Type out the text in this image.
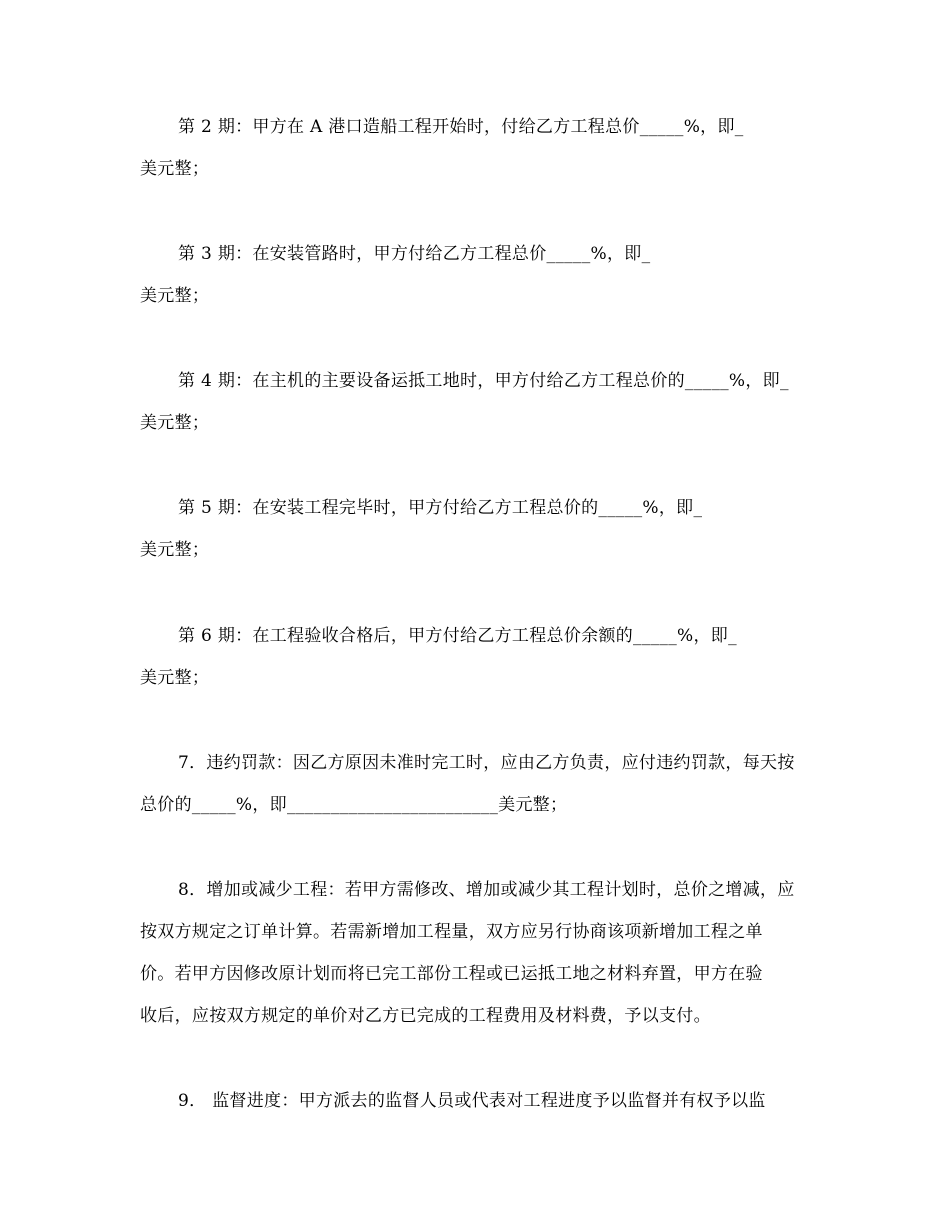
第 2 期：甲方在 A 港口造船工程开始时，付给乙方工程总价_____%，即_
美元整；
第 3 期：在安装管路时，甲方付给乙方工程总价_____%，即_
美元整；
第 4 期：在主机的主要设备运抵工地时，甲方付给乙方工程总价的_____%，即_
美元整；
第 5 期：在安装工程完毕时，甲方付给乙方工程总价的_____%，即_
美元整；
第 6 期：在工程验收合格后，甲方付给乙方工程总价余额的_____%，即_
美元整；
7．违约罚款：因乙方原因未准时完工时，应由乙方负责，应付违约罚款，每天按
总价的_____%，即________________________美元整；
8．增加或减少工程：若甲方需修改、增加或减少其工程计划时，总价之增减，应
按双方规定之订单计算。若需新增加工程量，双方应另行协商该项新增加工程之单
价。若甲方因修改原计划而将已完工部份工程或已运抵工地之材料弃置，甲方在验
收后，应按双方规定的单价对乙方已完成的工程费用及材料费，予以支付。
9． 监督进度：甲方派去的监督人员或代表对工程进度予以监督并有权予以监
